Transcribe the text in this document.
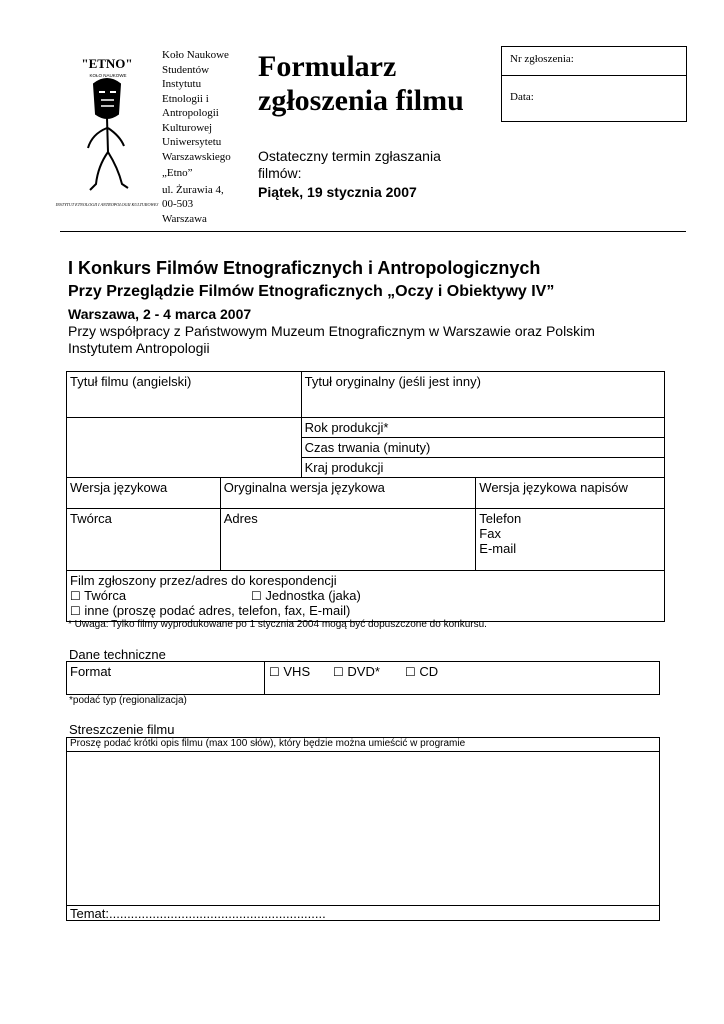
"ETNO"
KOŁO NAUKOWE
INSTYTUT ETNOLOGII I ANTROPOLOGII KULTUROWEJ
Koło Naukowe
Studentów
Instytutu
Etnologii i
Antropologii
Kulturowej
Uniwersytetu
Warszawskiego
„Etno”
ul. Żurawia 4,
00-503
Warszawa
Formularz
zgłoszenia filmu
Ostateczny termin zgłaszania
filmów:
Piątek, 19 stycznia 2007
Nr zgłoszenia:
Data:
I Konkurs Filmów Etnograficznych i Antropologicznych
Przy Przeglądzie Filmów Etnograficznych „Oczy i Obiektywy IV”
Warszawa, 2 - 4 marca 2007
Przy współpracy z Państwowym Muzeum Etnograficznym w Warszawie oraz Polskim
Instytutem Antropologii
Tytuł filmu (angielski)		Tytuł oryginalny (jeśli jest inny)	
		Rok produkcji*	
		Czas trwania (minuty)	
		Kraj produkcji	
Wersja językowa	Oryginalna wersja językowa		Wersja językowa napisów
Twórca	Adres		Telefon
Fax
E-mail

Film zgłoszony przez/adres do korespondencji
☐ Twórca ☐ Jednostka (jaka)
☐ inne (proszę podać adres, telefon, fax, E-mail)			
* Uwaga: Tylko filmy wyprodukowane po 1 stycznia 2004 mogą być dopuszczone do konkursu.
Dane techniczne
Format	☐ VHS ☐ DVD* ☐ CD
*podać typ (regionalizacja)
Streszczenie filmu
Proszę podać krótki opis filmu (max 100 słów), który będzie można umieścić w programie
Temat:............................................................
